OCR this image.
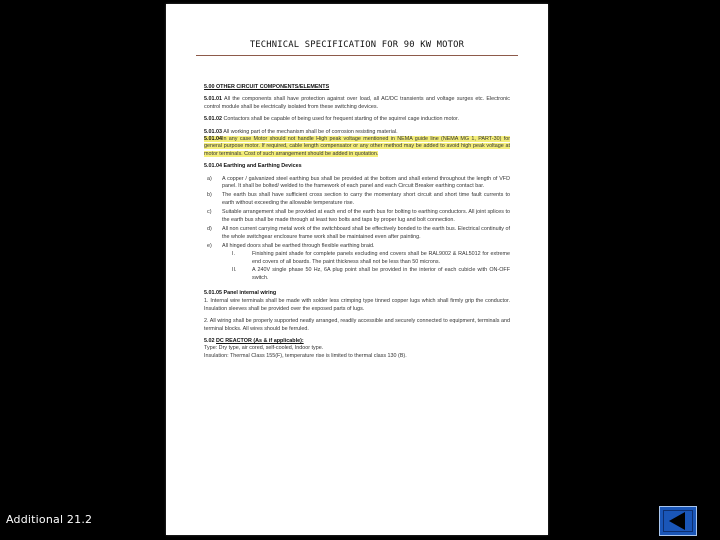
TECHNICAL SPECIFICATION FOR 90 KW MOTOR

5.00 OTHER CIRCUIT COMPONENTS/ELEMENTS

5.01.01 All the components shall have protection against over load, all AC/DC transients and voltage surges etc. Electronic control module shall be electrically isolated from these switching devices.

5.01.02 Contactors shall be capable of being used for frequent starting of the squirrel cage induction motor.

5.01.03 All working part of the mechanism shall be of corrosion resisting material.

5.01.04In any case Motor should not handle High peak voltage mentioned in NEMA guide line (NEMA MG 1, PART-30) for general purpose motor. If required, cable length compensator or any other method may be added to avoid high peak voltage at motor terminals. Cost of such arrangement should be added in quotation.

5.01.04 Earthing and Earthing Devices

a) A copper / galvanized steel earthing bus shall be provided at the bottom and shall extend throughout the length of VFD panel. It shall be bolted/ welded to the framework of each panel and each Circuit Breaker earthing contact bar.
b) The earth bus shall have sufficient cross section to carry the momentary short circuit and short time fault currents to earth without exceeding the allowable temperature rise.
c) Suitable arrangement shall be provided at each end of the earth bus for bolting to earthing conductors. All joint splices to the earth bus shall be made through at least two bolts and taps by proper lug and bolt connection.
d) All non current carrying metal work of the switchboard shall be effectively bonded to the earth bus. Electrical continuity of the whole switchgear enclosure frame work shall be maintained even after painting.
e) All hinged doors shall be earthed through flexible earthing braid.
I.	Finishing paint shade for complete panels excluding end covers shall be RAL9002 & RAL5012 for extreme end covers of all boards. The paint thickness shall not be less than 50 microns.
II.	A 240V single phase 50 Hz, 6A plug point shall be provided in the interior of each cubicle with ON-OFF switch.

5.01.05 Panel internal wiring

1. Internal wire terminals shall be made with solder less crimping type tinned copper lugs which shall firmly grip the conductor. Insulation sleeves shall be provided over the exposed parts of lugs.

2. All wiring shall be properly supported neatly arranged, readily accessible and securely connected to equipment, terminals and terminal blocks. All wires should be ferruled.

5.02 DC REACTOR (As & if applicable):

Type: Dry type, air cored, self-cooled, Indoor type.

Insulation: Thermal Class 155(F), temperature rise is limited to thermal class 130 (B).

Additional 21.2
